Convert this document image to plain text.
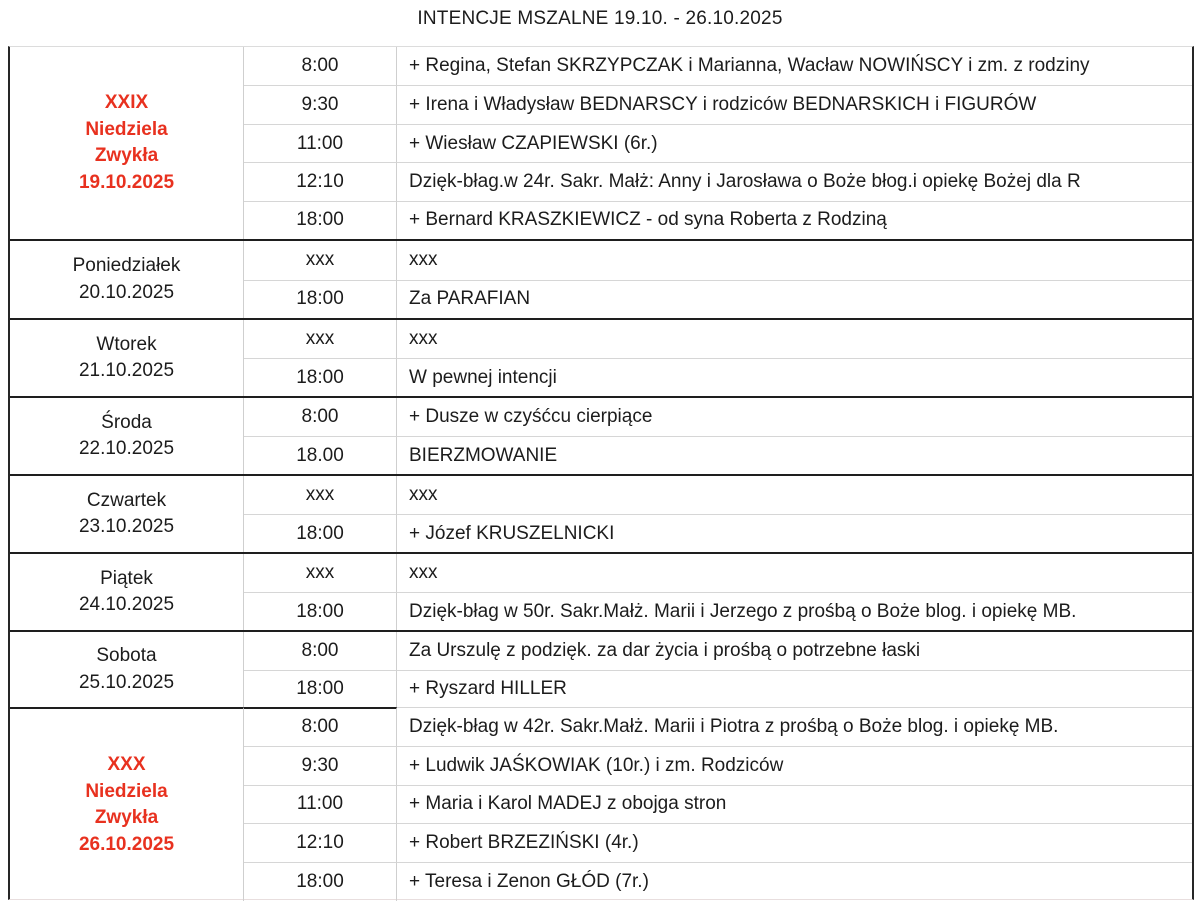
INTENCJE MSZALNE 19.10. - 26.10.2025
XXIX
Niedziela
Zwykła
19.10.2025
8:00	+ Regina, Stefan SKRZYPCZAK i Marianna, Wacław NOWIŃSCY i zm. z rodziny
9:30	+ Irena i Władysław BEDNARSCY i rodziców BEDNARSKICH i FIGURÓW
11:00	+ Wiesław CZAPIEWSKI (6r.)
12:10	Dzięk-błag.w 24r. Sakr. Małż: Anny i Jarosława o Boże błog.i opiekę Bożej dla R
18:00	+ Bernard KRASZKIEWICZ - od syna Roberta z Rodziną
Poniedziałek
20.10.2025
xxx	xxx
18:00	Za PARAFIAN
Wtorek
21.10.2025
xxx	xxx
18:00	W pewnej intencji
Środa
22.10.2025
8:00	+ Dusze w czyśćcu cierpiące
18.00	BIERZMOWANIE
Czwartek
23.10.2025
xxx	xxx
18:00	+ Józef KRUSZELNICKI
Piątek
24.10.2025
xxx	xxx
18:00	Dzięk-błag w 50r. Sakr.Małż. Marii i Jerzego z prośbą o Boże blog. i opiekę MB.
Sobota
25.10.2025
8:00	Za Urszulę z podzięk. za dar życia i prośbą o potrzebne łaski
18:00	+ Ryszard HILLER
XXX
Niedziela
Zwykła
26.10.2025
8:00	Dzięk-błag w 42r. Sakr.Małż. Marii i Piotra z prośbą o Boże blog. i opiekę MB.
9:30	+ Ludwik JAŚKOWIAK (10r.) i zm. Rodziców
11:00	+ Maria i Karol MADEJ z obojga stron
12:10	+ Robert BRZEZIŃSKI (4r.)
18:00	+ Teresa i Zenon GŁÓD (7r.)
